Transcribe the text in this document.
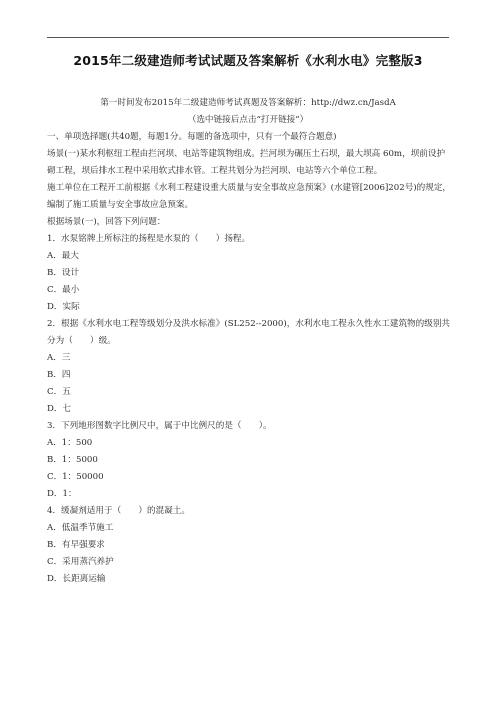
2015年二级建造师考试试题及答案解析《水利水电》完整版3
第一时间发布2015年二级建造师考试真题及答案解析：http://dwz.cn/JasdA
（选中链接后点击“打开链接”）
一、单项选择题(共40题，每题1分。每题的备选项中，只有一个最符合题意)
场景(一)某水利枢纽工程由拦河坝、电站等建筑物组成。拦河坝为碾压土石坝，最大坝高 60m，坝前设护
砌工程，坝后排水工程中采用软式排水管。工程共划分为拦河坝、电站等六个单位工程。
施工单位在工程开工前根据《水利工程建设重大质量与安全事故应急预案》(水建管[2006]202号)的规定，
编制了施工质量与安全事故应急预案。
根据场景(一)，回答下列问题：
1．水泵铭牌上所标注的扬程是水泵的（　　）扬程。
A．最大
B．设计
C．最小
D．实际
2．根据《水利水电工程等级划分及洪水标准》(SL252--2000)，水利水电工程永久性水工建筑物的级别共
分为（　　）级。
A．三
B．四
C．五
D．七
3．下列地形图数字比例尺中，属于中比例尺的是（　　）。
A．1：500
B．1：5000
C．1：50000
D．1：
4．缓凝剂适用于（　　）的混凝土。
A．低温季节施工
B．有早强要求
C．采用蒸汽养护
D．长距离运输
